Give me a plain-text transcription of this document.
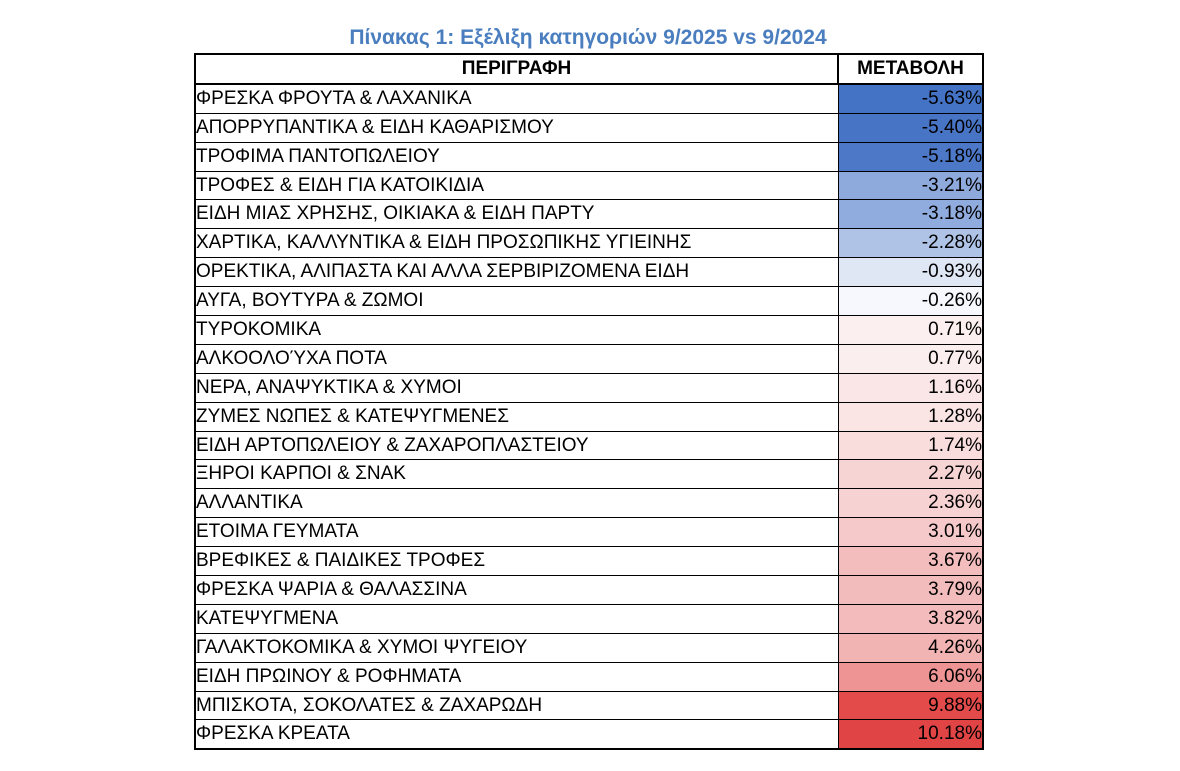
Πίνακας 1: Εξέλιξη κατηγοριών 9/2025 vs 9/2024
ΠΕΡΙΓΡΑΦΗ	ΜΕΤΑΒΟΛΗ
ΦΡΕΣΚΑ ΦΡΟΥΤΑ & ΛΑΧΑΝΙΚΑ	-5.63%
ΑΠΟΡΡΥΠΑΝΤΙΚΑ & ΕΙΔΗ ΚΑΘΑΡΙΣΜΟΥ	-5.40%
ΤΡΟΦΙΜΑ ΠΑΝΤΟΠΩΛΕΙΟΥ	-5.18%
ΤΡΟΦΕΣ & ΕΙΔΗ ΓΙΑ ΚΑΤΟΙΚΙΔΙΑ	-3.21%
ΕΙΔΗ ΜΙΑΣ ΧΡΗΣΗΣ, ΟΙΚΙΑΚΑ & ΕΙΔΗ ΠΑΡΤΥ	-3.18%
ΧΑΡΤΙΚΑ, ΚΑΛΛΥΝΤΙΚΑ & ΕΙΔΗ ΠΡΟΣΩΠΙΚΗΣ ΥΓΙΕΙΝΗΣ	-2.28%
ΟΡΕΚΤΙΚΑ, ΑΛΙΠΑΣΤΑ ΚΑΙ ΑΛΛΑ ΣΕΡΒΙΡΙΖΟΜΕΝΑ ΕΙΔΗ	-0.93%
ΑΥΓΑ, ΒΟΥΤΥΡΑ & ΖΩΜΟΙ	-0.26%
ΤΥΡΟΚΟΜΙΚΑ	0.71%
ΑΛΚΟΟΛΟΎΧΑ ΠΟΤΑ	0.77%
ΝΕΡΑ, ΑΝΑΨΥΚΤΙΚΑ & ΧΥΜΟΙ	1.16%
ΖΥΜΕΣ ΝΩΠΕΣ & ΚΑΤΕΨΥΓΜΕΝΕΣ	1.28%
ΕΙΔΗ ΑΡΤΟΠΩΛΕΙΟΥ & ΖΑΧΑΡΟΠΛΑΣΤΕΙΟΥ	1.74%
ΞΗΡΟΙ ΚΑΡΠΟΙ & ΣΝΑΚ	2.27%
ΑΛΛΑΝΤΙΚΑ	2.36%
ΕΤΟΙΜΑ ΓΕΥΜΑΤΑ	3.01%
ΒΡΕΦΙΚΕΣ & ΠΑΙΔΙΚΕΣ ΤΡΟΦΕΣ	3.67%
ΦΡΕΣΚΑ ΨΑΡΙΑ & ΘΑΛΑΣΣΙΝΑ	3.79%
ΚΑΤΕΨΥΓΜΕΝΑ	3.82%
ΓΑΛΑΚΤΟΚΟΜΙΚΑ & ΧΥΜΟΙ ΨΥΓΕΙΟΥ	4.26%
ΕΙΔΗ ΠΡΩΙΝΟΥ & ΡΟΦΗΜΑΤΑ	6.06%
ΜΠΙΣΚΟΤΑ, ΣΟΚΟΛΑΤΕΣ & ΖΑΧΑΡΩΔΗ	9.88%
ΦΡΕΣΚΑ ΚΡΕΑΤΑ	10.18%
